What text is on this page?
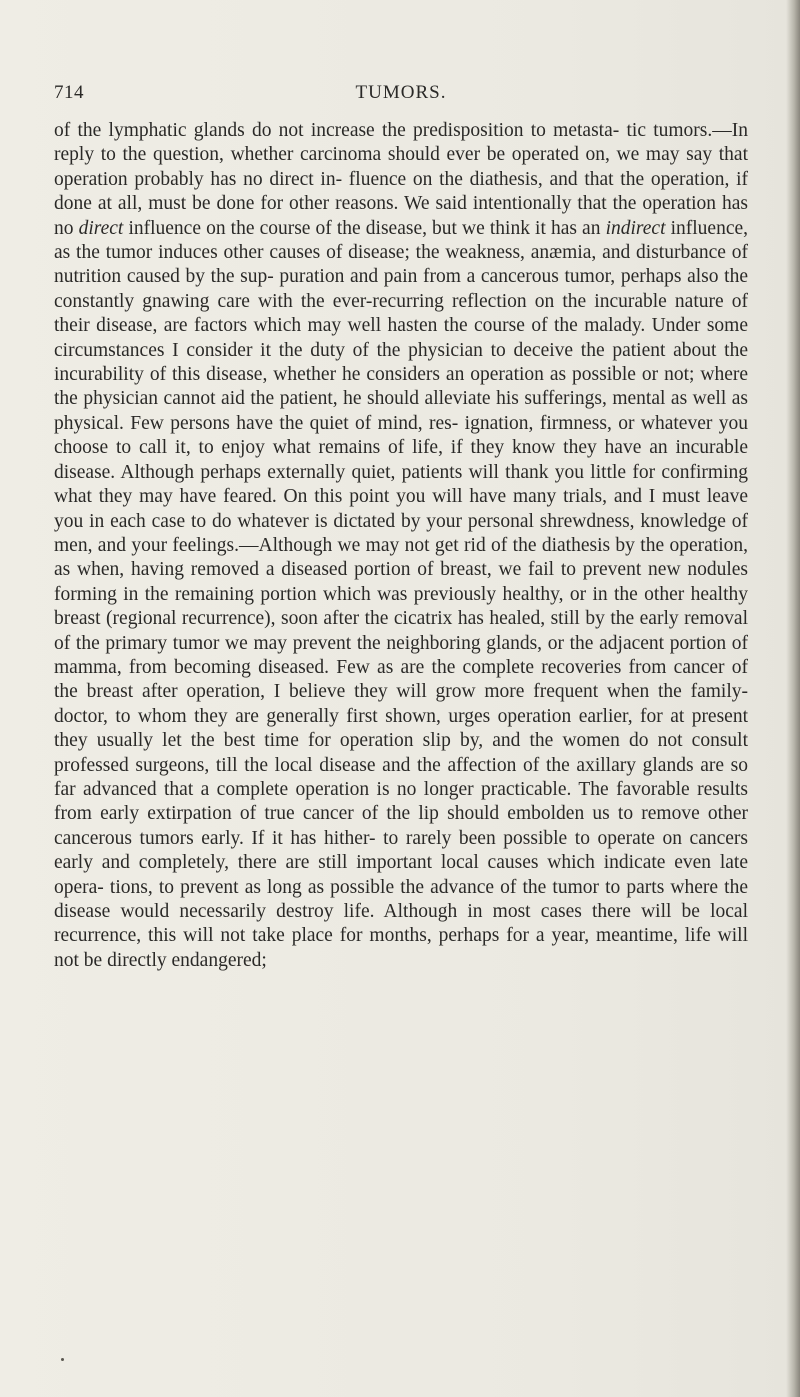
714	TUMORS.

of the lymphatic glands do not increase the predisposition to metasta- tic tumors.—In reply to the question, whether carcinoma should ever be operated on, we may say that operation probably has no direct in- fluence on the diathesis, and that the operation, if done at all, must be done for other reasons. We said intentionally that the operation has no direct influence on the course of the disease, but we think it has an indirect influence, as the tumor induces other causes of disease; the weakness, anæmia, and disturbance of nutrition caused by the sup- puration and pain from a cancerous tumor, perhaps also the constantly gnawing care with the ever-recurring reflection on the incurable nature of their disease, are factors which may well hasten the course of the malady. Under some circumstances I consider it the duty of the physician to deceive the patient about the incurability of this disease, whether he considers an operation as possible or not; where the physician cannot aid the patient, he should alleviate his sufferings, mental as well as physical. Few persons have the quiet of mind, res- ignation, firmness, or whatever you choose to call it, to enjoy what remains of life, if they know they have an incurable disease. Although perhaps externally quiet, patients will thank you little for confirming what they may have feared. On this point you will have many trials, and I must leave you in each case to do whatever is dictated by your personal shrewdness, knowledge of men, and your feelings.—Although we may not get rid of the diathesis by the operation, as when, having removed a diseased portion of breast, we fail to prevent new nodules forming in the remaining portion which was previously healthy, or in the other healthy breast (regional recurrence), soon after the cicatrix has healed, still by the early removal of the primary tumor we may prevent the neighboring glands, or the adjacent portion of mamma, from becoming diseased. Few as are the complete recoveries from cancer of the breast after operation, I believe they will grow more frequent when the family-doctor, to whom they are generally first shown, urges operation earlier, for at present they usually let the best time for operation slip by, and the women do not consult professed surgeons, till the local disease and the affection of the axillary glands are so far advanced that a complete operation is no longer practicable. The favorable results from early extirpation of true cancer of the lip should embolden us to remove other cancerous tumors early. If it has hither- to rarely been possible to operate on cancers early and completely, there are still important local causes which indicate even late opera- tions, to prevent as long as possible the advance of the tumor to parts where the disease would necessarily destroy life. Although in most cases there will be local recurrence, this will not take place for months, perhaps for a year, meantime, life will not be directly endangered;
